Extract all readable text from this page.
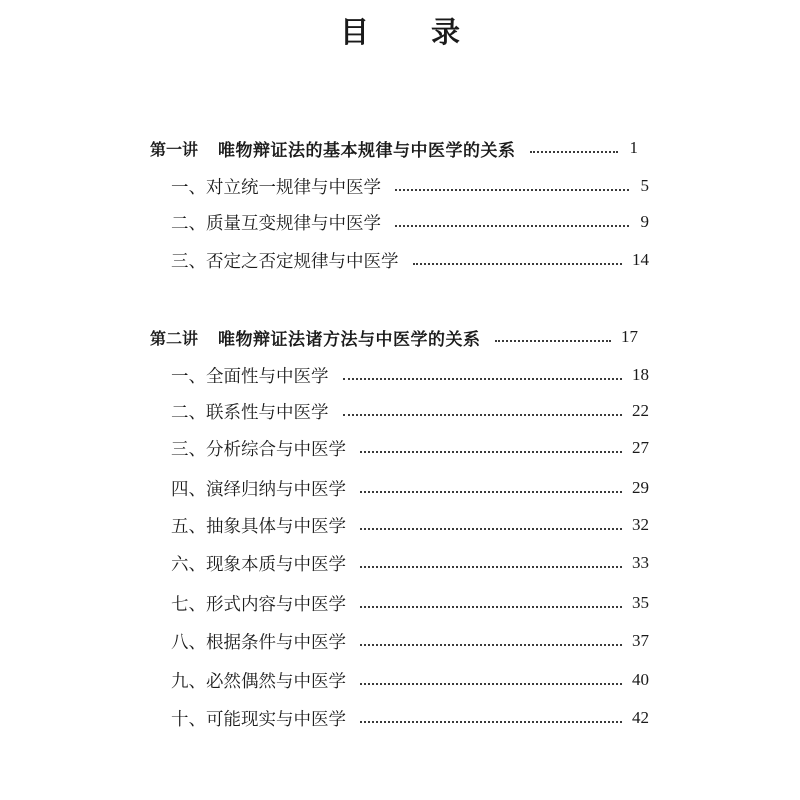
目 录
第一讲 唯物辩证法的基本规律与中医学的关系	1
一、 对立统一规律与中医学	5
二、 质量互变规律与中医学	9
三、 否定之否定规律与中医学	14
第二讲 唯物辩证法诸方法与中医学的关系	17
一、 全面性与中医学	18
二、 联系性与中医学	22
三、 分析综合与中医学	27
四、 演绎归纳与中医学	29
五、 抽象具体与中医学	32
六、 现象本质与中医学	33
七、 形式内容与中医学	35
八、 根据条件与中医学	37
九、 必然偶然与中医学	40
十、 可能现实与中医学	42
